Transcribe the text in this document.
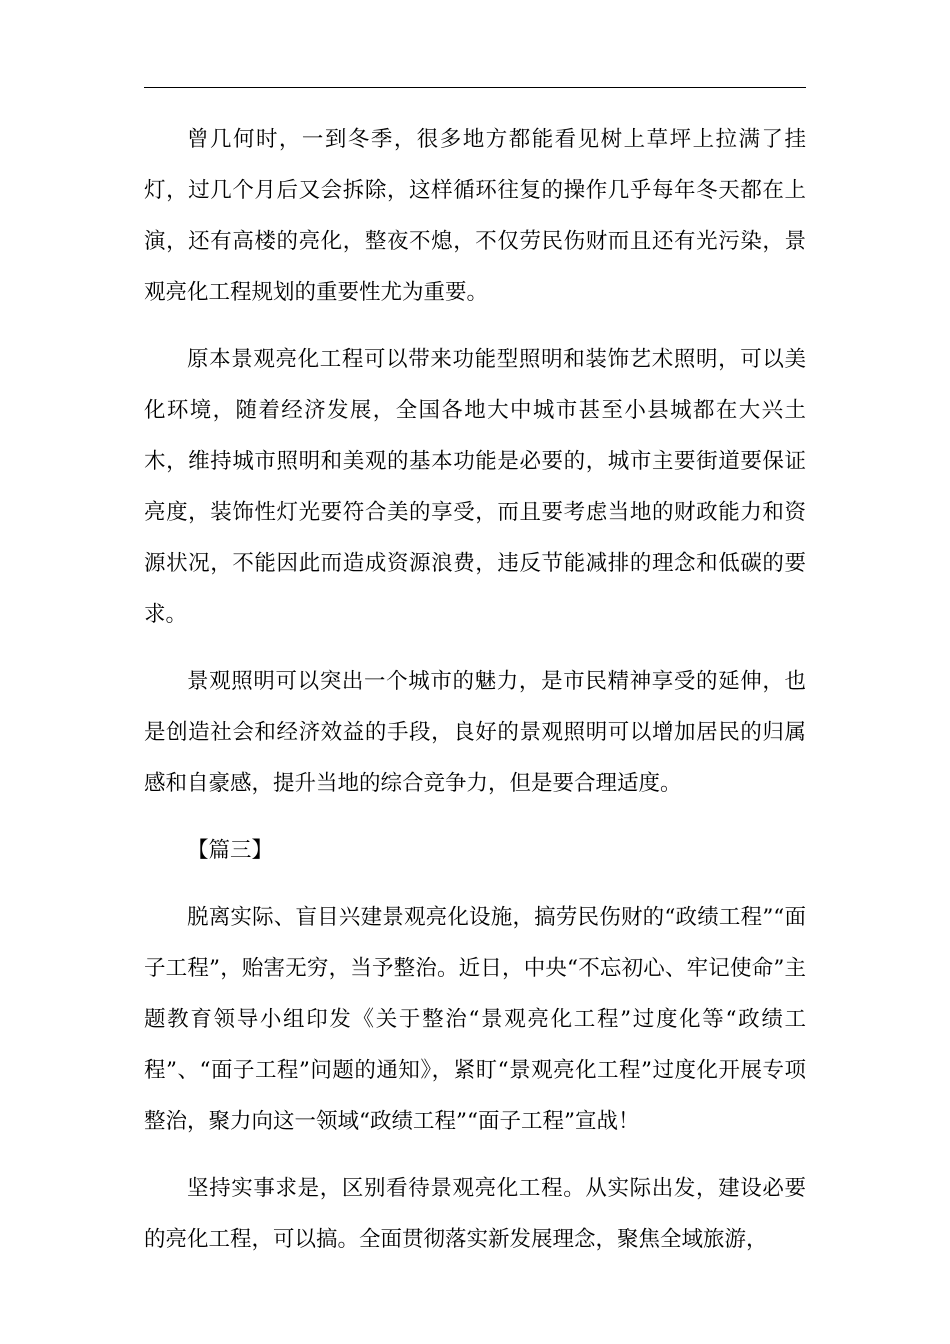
曾几何时，一到冬季，很多地方都能看见树上草坪上拉满了挂灯，过几个月后又会拆除，这样循环往复的操作几乎每年冬天都在上演，还有高楼的亮化，整夜不熄，不仅劳民伤财而且还有光污染，景观亮化工程规划的重要性尤为重要。

原本景观亮化工程可以带来功能型照明和装饰艺术照明，可以美化环境，随着经济发展，全国各地大中城市甚至小县城都在大兴土木，维持城市照明和美观的基本功能是必要的，城市主要街道要保证亮度，装饰性灯光要符合美的享受，而且要考虑当地的财政能力和资源状况，不能因此而造成资源浪费，违反节能减排的理念和低碳的要求。

景观照明可以突出一个城市的魅力，是市民精神享受的延伸，也是创造社会和经济效益的手段，良好的景观照明可以增加居民的归属感和自豪感，提升当地的综合竞争力，但是要合理适度。

【篇三】

脱离实际、盲目兴建景观亮化设施，搞劳民伤财的“政绩工程”“面子工程”，贻害无穷，当予整治。近日，中央“不忘初心、牢记使命”主题教育领导小组印发《关于整治“景观亮化工程”过度化等“政绩工程”、“面子工程”问题的通知》，紧盯“景观亮化工程”过度化开展专项整治，聚力向这一领域“政绩工程”“面子工程”宣战！

坚持实事求是，区别看待景观亮化工程。从实际出发，建设必要的亮化工程，可以搞。全面贯彻落实新发展理念，聚焦全域旅游，
